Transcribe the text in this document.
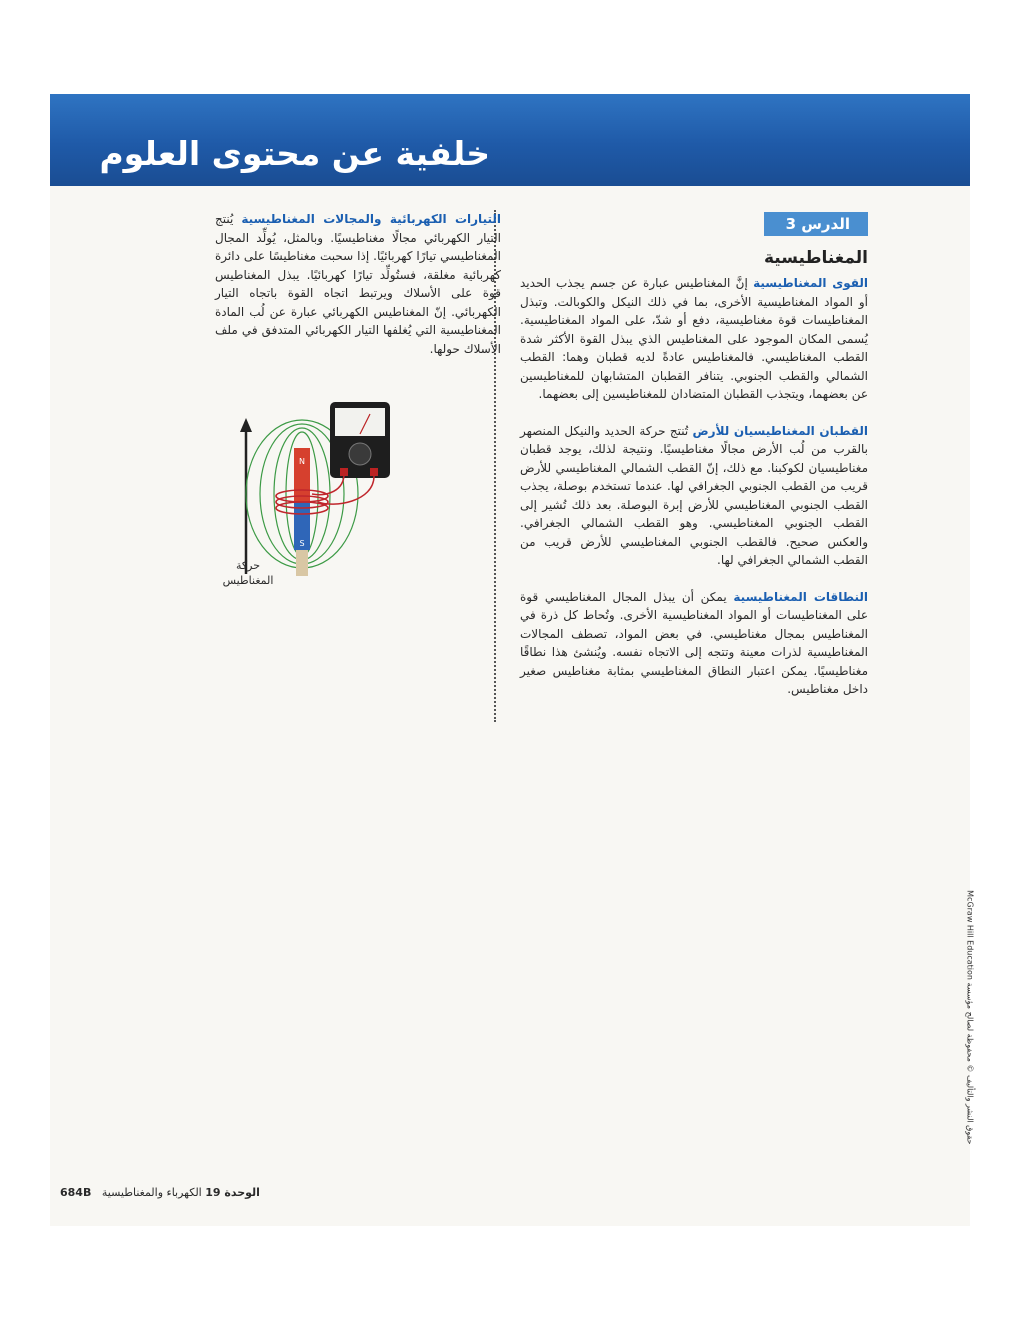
خلفية عن محتوى العلوم
الدرس 3
المغناطيسية

القوى المغناطيسية إنَّ المغناطيس عبارة عن جسم يجذب الحديد أو المواد المغناطيسية الأخرى، بما في ذلك النيكل والكوبالت. وتبذل المغناطيسات قوة مغناطيسية، دفع أو شدّ، على المواد المغناطيسية. يُسمى المكان الموجود على المغناطيس الذي يبذل القوة الأكثر شدة القطب المغناطيسي. فالمغناطيس عادةً لديه قطبان وهما: القطب الشمالي والقطب الجنوبي. يتنافر القطبان المتشابهان للمغناطيسين عن بعضهما، ويتجذب القطبان المتضادان للمغناطيسين إلى بعضهما.

القطبان المغناطيسيان للأرض تُنتج حركة الحديد والنيكل المنصهر بالقرب من لُب الأرض مجالًا مغناطيسيًا. ونتيجة لذلك، يوجد قطبان مغناطيسيان لكوكبنا. مع ذلك، إنّ القطب الشمالي المغناطيسي للأرض قريب من القطب الجنوبي الجغرافي لها. عندما تستخدم بوصلة، يجذب القطب الجنوبي المغناطيسي للأرض إبرة البوصلة. بعد ذلك تُشير إلى القطب الجنوبي المغناطيسي. وهو القطب الشمالي الجغرافي. والعكس صحيح. فالقطب الجنوبي المغناطيسي للأرض قريب من القطب الشمالي الجغرافي لها.

النطاقات المغناطيسية يمكن أن يبذل المجال المغناطيسي قوة على المغناطيسات أو المواد المغناطيسية الأخرى. وتُحاط كل ذرة في المغناطيس بمجال مغناطيسي. في بعض المواد، تصطف المجالات المغناطيسية لذرات معينة وتتجه إلى الاتجاه نفسه. ويُنشئ هذا نطاقًا مغناطيسيًا. يمكن اعتبار النطاق المغناطيسي بمثابة مغناطيس صغير داخل مغناطيس.

التيارات الكهربائية والمجالات المغناطيسية يُنتج التيار الكهربائي مجالًا مغناطيسيًا. وبالمثل، يُولِّد المجال المغناطيسي تيارًا كهربائيًا. إذا سحبت مغناطيسًا على دائرة كهربائية مغلقة، فستُولِّد تيارًا كهربائيًا. يبذل المغناطيس قوة على الأسلاك ويرتبط اتجاه القوة باتجاه التيار الكهربائي. إنّ المغناطيس الكهربائي عبارة عن لُب المادة المغناطيسية التي يُغلفها التيار الكهربائي المتدفق في ملف الأسلاك حولها.

N
S
حركة المغناطيس
الوحدة 19 الكهرباء والمغناطيسية   684B
حقوق النشر والتأليف © محفوظة لصالح مؤسسة McGraw Hill Education
